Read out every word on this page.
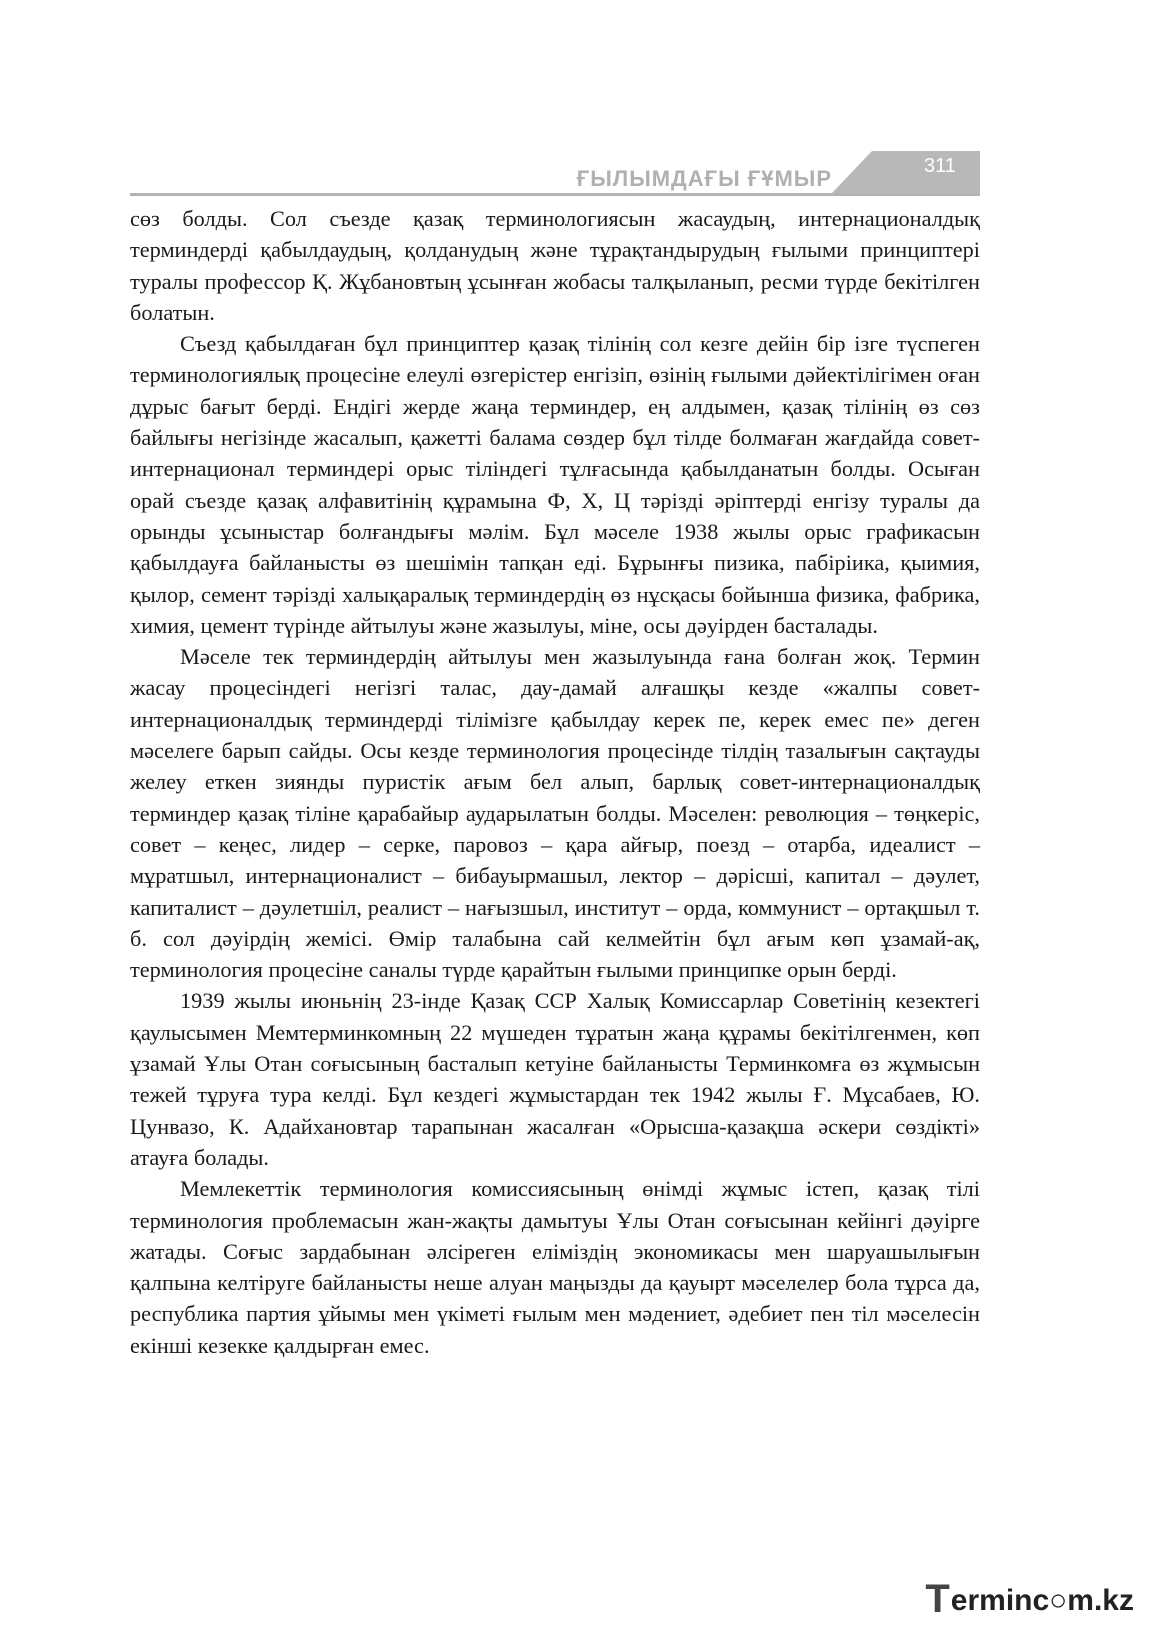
ҒЫЛЫМДАҒЫ ҒҰМЫР	311

сөз болды. Сол съезде қазақ терминологиясын жасаудың, интернационалдық терминдерді қабылдаудың, қолданудың және тұрақтандырудың ғылыми принциптері туралы профессор Қ. Жұбановтың ұсынған жобасы талқыланып, ресми түрде бекітілген болатын.

Съезд қабылдаған бұл принциптер қазақ тілінің сол кезге дейін бір ізге түспеген терминологиялық процесіне елеулі өзгерістер енгізіп, өзінің ғылыми дәйектілігімен оған дұрыс бағыт берді. Ендігі жерде жаңа терминдер, ең алдымен, қазақ тілінің өз сөз байлығы негізінде жасалып, қажетті балама сөздер бұл тілде болмаған жағдайда совет-интернационал терминдері орыс тіліндегі тұлғасында қабылданатын болды. Осыған орай съезде қазақ алфавитінің құрамына Ф, Х, Ц тәрізді әріптерді енгізу туралы да орынды ұсыныстар болғандығы мәлім. Бұл мәселе 1938 жылы орыс графикасын қабылдауға байланысты өз шешімін тапқан еді. Бұрынғы пизика, пабіріика, қыимия, қылор, семент тәрізді халықаралық терминдердің өз нұсқасы бойынша физика, фабрика, химия, цемент түрінде айтылуы және жазылуы, міне, осы дәуірден басталады.

Мәселе тек терминдердің айтылуы мен жазылуында ғана болған жоқ. Термин жасау процесіндегі негізгі талас, дау-дамай алғашқы кезде «жалпы совет-интернационалдық терминдерді тілімізге қабылдау керек пе, керек емес пе» деген мәселеге барып сайды. Осы кезде терминология процесінде тілдің тазалығын сақтауды желеу еткен зиянды пуристік ағым бел алып, барлық совет-интернационалдық терминдер қазақ тіліне қарабайыр аударылатын болды. Мәселен: революция – төңкеріс, совет – кеңес, лидер – серке, паровоз – қара айғыр, поезд – отарба, идеалист – мұратшыл, интернационалист – бибауырмашыл, лектор – дәрісші, капитал – дәулет, капиталист – дәулетшіл, реалист – нағызшыл, институт – орда, коммунист – ортақшыл т. б. сол дәуірдің жемісі. Өмір талабына сай келмейтін бұл ағым көп ұзамай-ақ, терминология процесіне саналы түрде қарайтын ғылыми принципке орын берді.

1939 жылы июньнің 23-інде Қазақ ССР Халық Комиссарлар Советінің кезектегі қаулысымен Мемтерминкомның 22 мүшеден тұратын жаңа құрамы бекітілгенмен, көп ұзамай Ұлы Отан соғысының басталып кетуіне байланысты Терминкомға өз жұмысын тежей тұруға тура келді. Бұл кездегі жұмыстардан тек 1942 жылы Ғ. Мұсабаев, Ю. Цунвазо, К. Адайхановтар тарапынан жасалған «Орысша-қазақша әскери сөздікті» атауға болады.

Мемлекеттік терминология комиссиясының өнімді жұмыс істеп, қазақ тілі терминология проблемасын жан-жақты дамытуы Ұлы Отан соғысынан кейінгі дәуірге жатады. Соғыс зардабынан әлсіреген еліміздің экономикасы мен шаруашылығын қалпына келтіруге байланысты неше алуан маңызды да қауырт мәселелер бола тұрса да, республика партия ұйымы мен үкіметі ғылым мен мәдениет, әдебиет пен тіл мәселесін екінші кезекке қалдырған емес.

T erminc○m.kz
